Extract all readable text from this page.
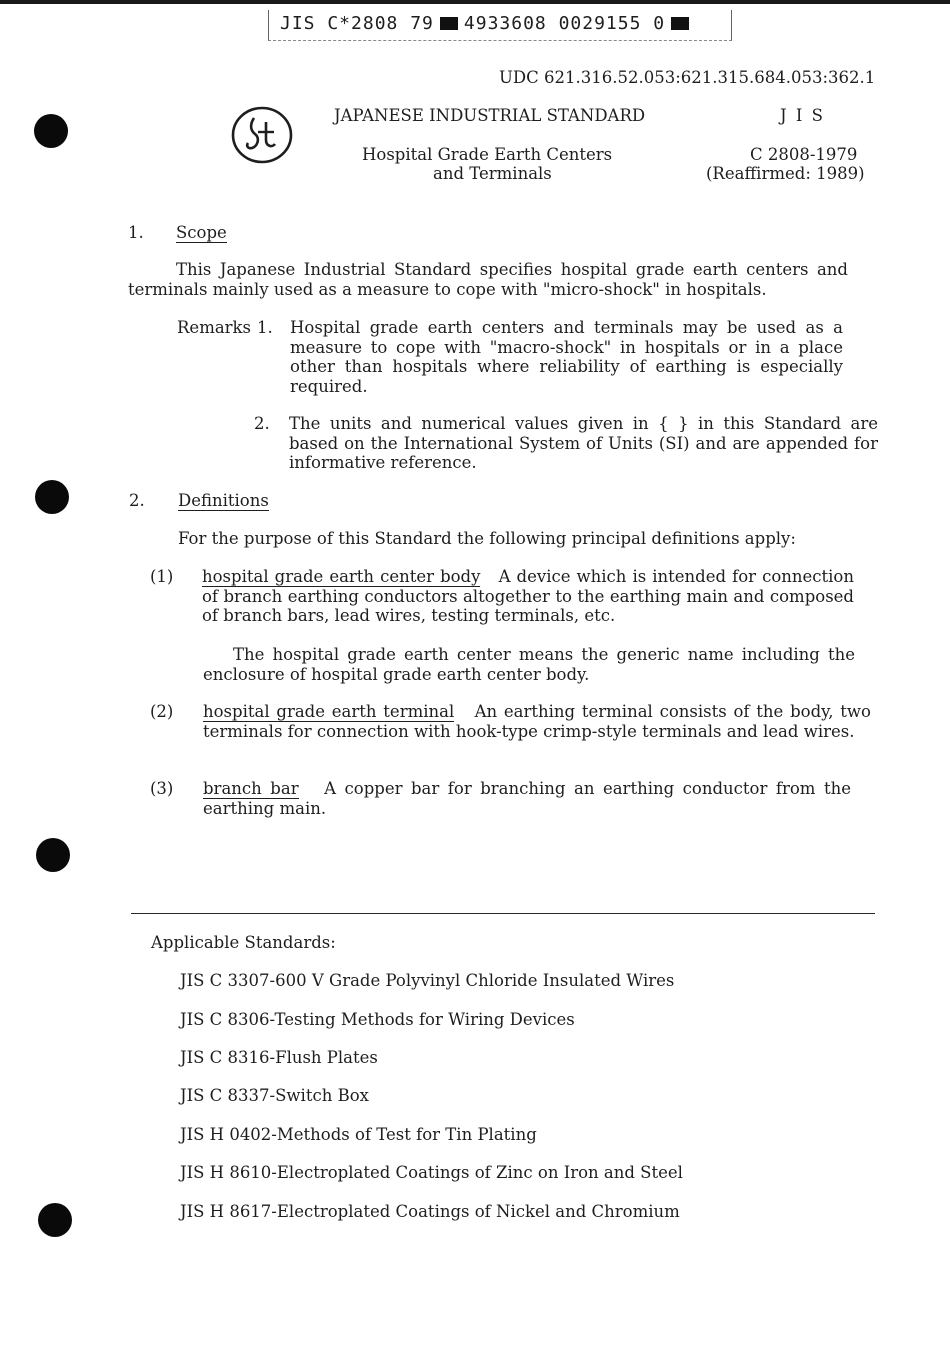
JIS C*2808 79 4933608 0029155 0
UDC 621.316.52.053:621.315.684.053:362.1
JAPANESE INDUSTRIAL STANDARD	J I S
Hospital Grade Earth Centers
and Terminals
C 2808-1979
(Reaffirmed: 1989)
1. Scope
This Japanese Industrial Standard specifies hospital grade earth centers and terminals mainly used as a measure to cope with "micro-shock" in hospitals.
Remarks 1. Hospital grade earth centers and terminals may be used as a measure to cope with "macro-shock" in hospitals or in a place other than hospitals where reliability of earthing is especially required.
2. The units and numerical values given in { } in this Standard are based on the International System of Units (SI) and are appended for informative reference.
2. Definitions
For the purpose of this Standard the following principal definitions apply:
(1) hospital grade earth center body A device which is intended for connection of branch earthing conductors altogether to the earthing main and composed of branch bars, lead wires, testing terminals, etc.
The hospital grade earth center means the generic name including the enclosure of hospital grade earth center body.
(2) hospital grade earth terminal An earthing terminal consists of the body, two terminals for connection with hook-type crimp-style terminals and lead wires.
(3) branch bar A copper bar for branching an earthing conductor from the earthing main.
Applicable Standards:
JIS C 3307-600 V Grade Polyvinyl Chloride Insulated Wires
JIS C 8306-Testing Methods for Wiring Devices
JIS C 8316-Flush Plates
JIS C 8337-Switch Box
JIS H 0402-Methods of Test for Tin Plating
JIS H 8610-Electroplated Coatings of Zinc on Iron and Steel
JIS H 8617-Electroplated Coatings of Nickel and Chromium
